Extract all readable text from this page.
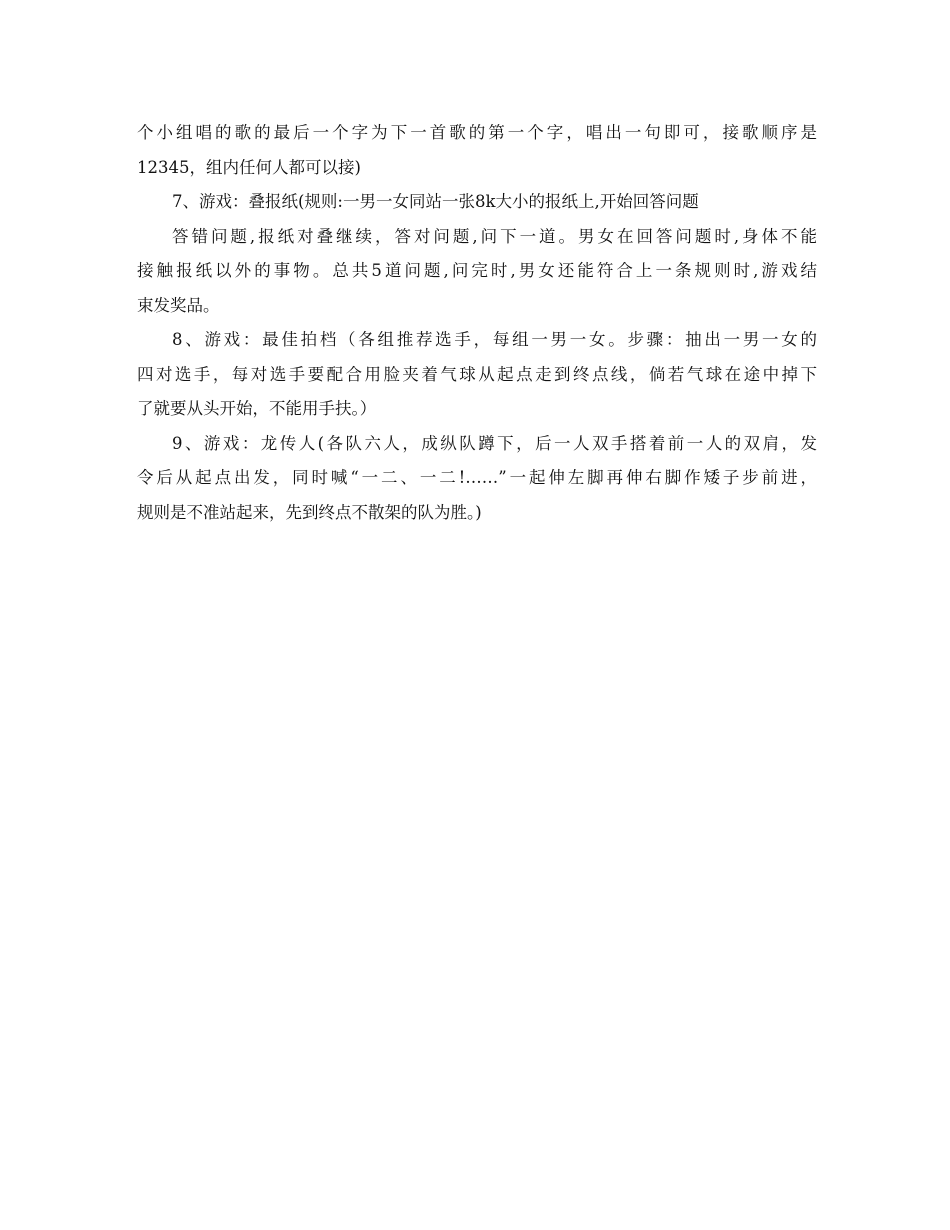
个小组唱的歌的最后一个字为下一首歌的第一个字，唱出一句即可，接歌顺序是
12345，组内任何人都可以接)

7、游戏：叠报纸(规则:一男一女同站一张8k大小的报纸上,开始回答问题

答错问题,报纸对叠继续，答对问题,问下一道。男女在回答问题时,身体不能
接触报纸以外的事物。总共5道问题,问完时,男女还能符合上一条规则时,游戏结
束发奖品。

8、游戏：最佳拍档（各组推荐选手，每组一男一女。步骤：抽出一男一女的
四对选手，每对选手要配合用脸夹着气球从起点走到终点线，倘若气球在途中掉下
了就要从头开始，不能用手扶。）

9、游戏：龙传人(各队六人，成纵队蹲下，后一人双手搭着前一人的双肩，发
令后从起点出发，同时喊“一二、一二!……”一起伸左脚再伸右脚作矮子步前进，
规则是不准站起来，先到终点不散架的队为胜。)
